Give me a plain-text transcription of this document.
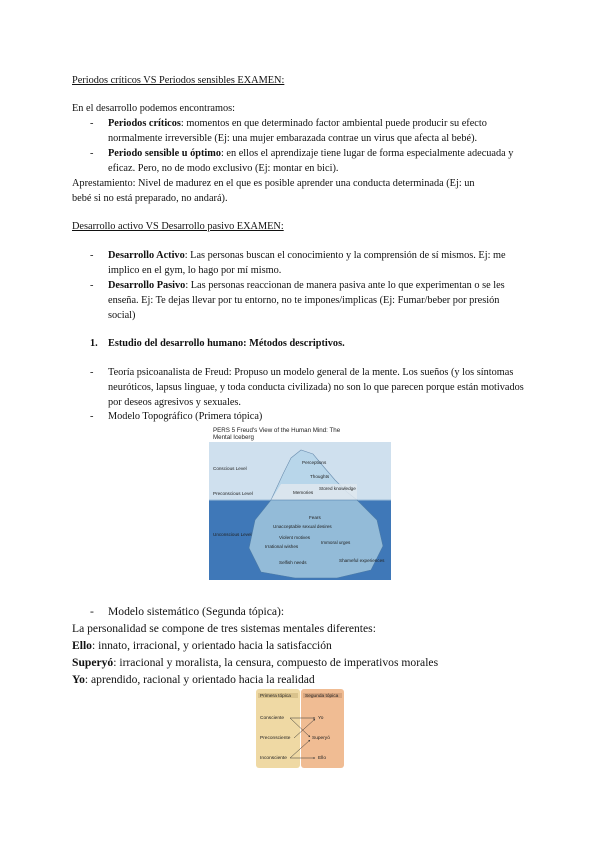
Periodos críticos VS Periodos sensibles EXAMEN:
En el desarrollo podemos encontramos:
- Periodos críticos: momentos en que determinado factor ambiental puede producir su efecto normalmente irreversible (Ej: una mujer embarazada contrae un virus que afecta al bebé).
- Periodo sensible u óptimo: en ellos el aprendizaje tiene lugar de forma especialmente adecuada y eficaz. Pero, no de modo exclusivo (Ej: montar en bici).
Aprestamiento: Nivel de madurez en el que es posible aprender una conducta determinada (Ej: un
bebé si no está preparado, no andará).
Desarrollo activo VS Desarrollo pasivo EXAMEN:
- Desarrollo Activo: Las personas buscan el conocimiento y la comprensión de sí mismos. Ej: me implico en el gym, lo hago por mí mismo.
- Desarrollo Pasivo: Las personas reaccionan de manera pasiva ante lo que experimentan o se les enseña. Ej: Te dejas llevar por tu entorno, no te impones/implicas (Ej: Fumar/beber por presión social)
1. Estudio del desarrollo humano: Métodos descriptivos.
- Teoría psicoanalista de Freud: Propuso un modelo general de la mente. Los sueños (y los síntomas neuróticos, lapsus linguae, y toda conducta civilizada) no son lo que parecen porque están motivados por deseos agresivos y sexuales.
- Modelo Topográfico (Primera tópica)
PERS 5 Freud's View of the Human Mind: The
Mental Iceberg
Conscious Level
Preconscious Level
Unconscious Level
Perceptions
Thoughts
Memories
Stored knowledge
Fears
Unacceptable sexual desires
Violent motives
Irrational wishes
Immoral urges
Selfish needs	Shameful experiences
- Modelo sistemático (Segunda tópica):
La personalidad se compone de tres sistemas mentales diferentes:
Ello: innato, irracional, y orientado hacia la satisfacción
Superyó: irracional y moralista, la censura, compuesto de imperativos morales
Yo: aprendido, racional y orientado hacia la realidad
Primera tópica	Segunda tópica
Consciente
Preconsciente
Inconsciente
Yo
Superyó
Ello
